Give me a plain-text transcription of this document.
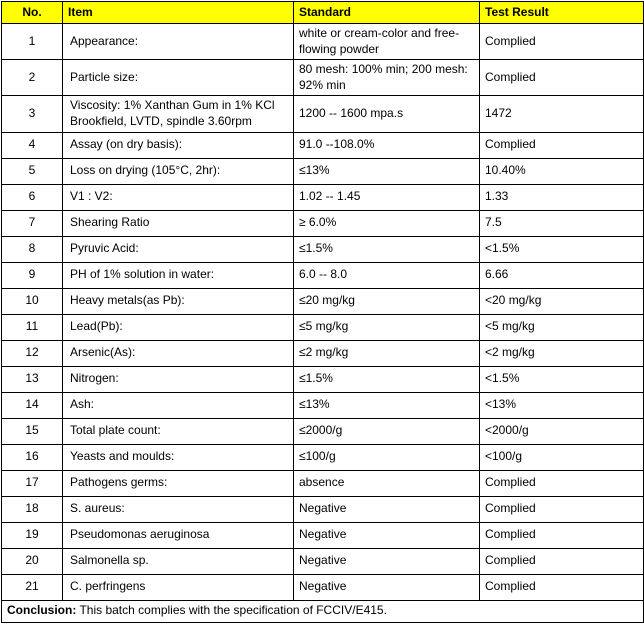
No.	Item	Standard	Test Result
1	Appearance:	white or cream-color and free-flowing powder	Complied
2	Particle size:	80 mesh: 100% min; 200 mesh: 92% min	Complied
3	Viscosity: 1% Xanthan Gum in 1% KCl Brookfield, LVTD, spindle 3.60rpm	1200 -- 1600 mpa.s	1472
4	Assay (on dry basis):	91.0 --108.0%	Complied
5	Loss on drying (105°C, 2hr):	≤13%	10.40%
6	V1 : V2:	1.02 -- 1.45	1.33
7	Shearing Ratio	≥ 6.0%	7.5
8	Pyruvic Acid:	≤1.5%	<1.5%
9	PH of 1% solution in water:	6.0 -- 8.0	6.66
10	Heavy metals(as Pb):	≤20 mg/kg	<20 mg/kg
11	Lead(Pb):	≤5 mg/kg	<5 mg/kg
12	Arsenic(As):	≤2 mg/kg	<2 mg/kg
13	Nitrogen:	≤1.5%	<1.5%
14	Ash:	≤13%	<13%
15	Total plate count:	≤2000/g	<2000/g
16	Yeasts and moulds:	≤100/g	<100/g
17	Pathogens germs:	absence	Complied
18	S. aureus:	Negative	Complied
19	Pseudomonas aeruginosa	Negative	Complied
20	Salmonella sp.	Negative	Complied
21	C. perfringens	Negative	Complied
Conclusion: This batch complies with the specification of FCCIV/E415.			
